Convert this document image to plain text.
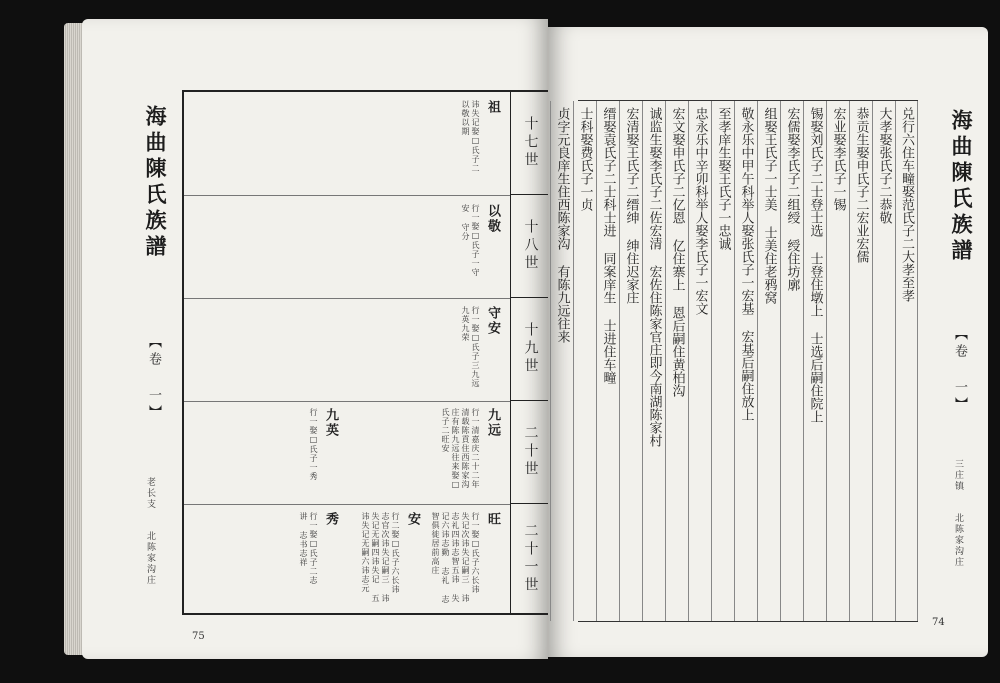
海曲陳氏族譜
【卷 一】
老长支
北陈家沟庄
75
十七世
十八世
十九世
二十世
二十一世
祖
讳失记娶□氏子二 以敬以期
以敬
行一娶□氏子一守安 守分
守安
行一娶□氏子三九远 九英九荣
九远
行一清嘉庆二十二年 清载陈貢住西陈家沟 庄有陈九远往来娶□ 氏子二旺安
九英
行一娶□氏子一秀
旺
行一娶□氏子六长讳 失记次讳失记嗣三 讳志礼四讳志智五讳 失记六讳志勤 志礼 志智俱徙居前高庄
安
行二娶□氏子六长讳 志官次讳失记嗣三 讳失记无嗣四讳失记 五讳失记无嗣六讳志元
秀
行一娶□氏子二志讲 志书志祥
海曲陳氏族譜
【卷 一】
三庄镇
北陈家沟庄
74
兑行六住车疃娶范氏子二大孝至孝
大孝娶张氏子二恭敬
恭贡生娶申氏子二宏业宏儒
宏业娶李氏子一锡
锡娶刘氏子二士登士选 士登住墩上 士选后嗣住院上
宏儒娶李氏子二组绶 绶住坊廓
组娶王氏子一士美 士美住老鸦窝
敬永乐中甲午科举人娶张氏子一宏基 宏基后嗣住放上
至孝庠生娶王氏子一忠诚
忠永乐中辛卯科举人娶李氏子一宏文
宏文娶申氏子二亿恩 亿住寨上 恩后嗣住黄柏沟
诚监生娶李氏子二佐宏清 宏佐住陈家官庄即今南湖陈家村
宏清娶王氏子二缙绅 绅住迟家庄
缙娶袁氏子二士科士进 同案庠生 士进住车疃
士科娶费氏子一贞
贞字元良庠生住西陈家沟 有陈九远往来
